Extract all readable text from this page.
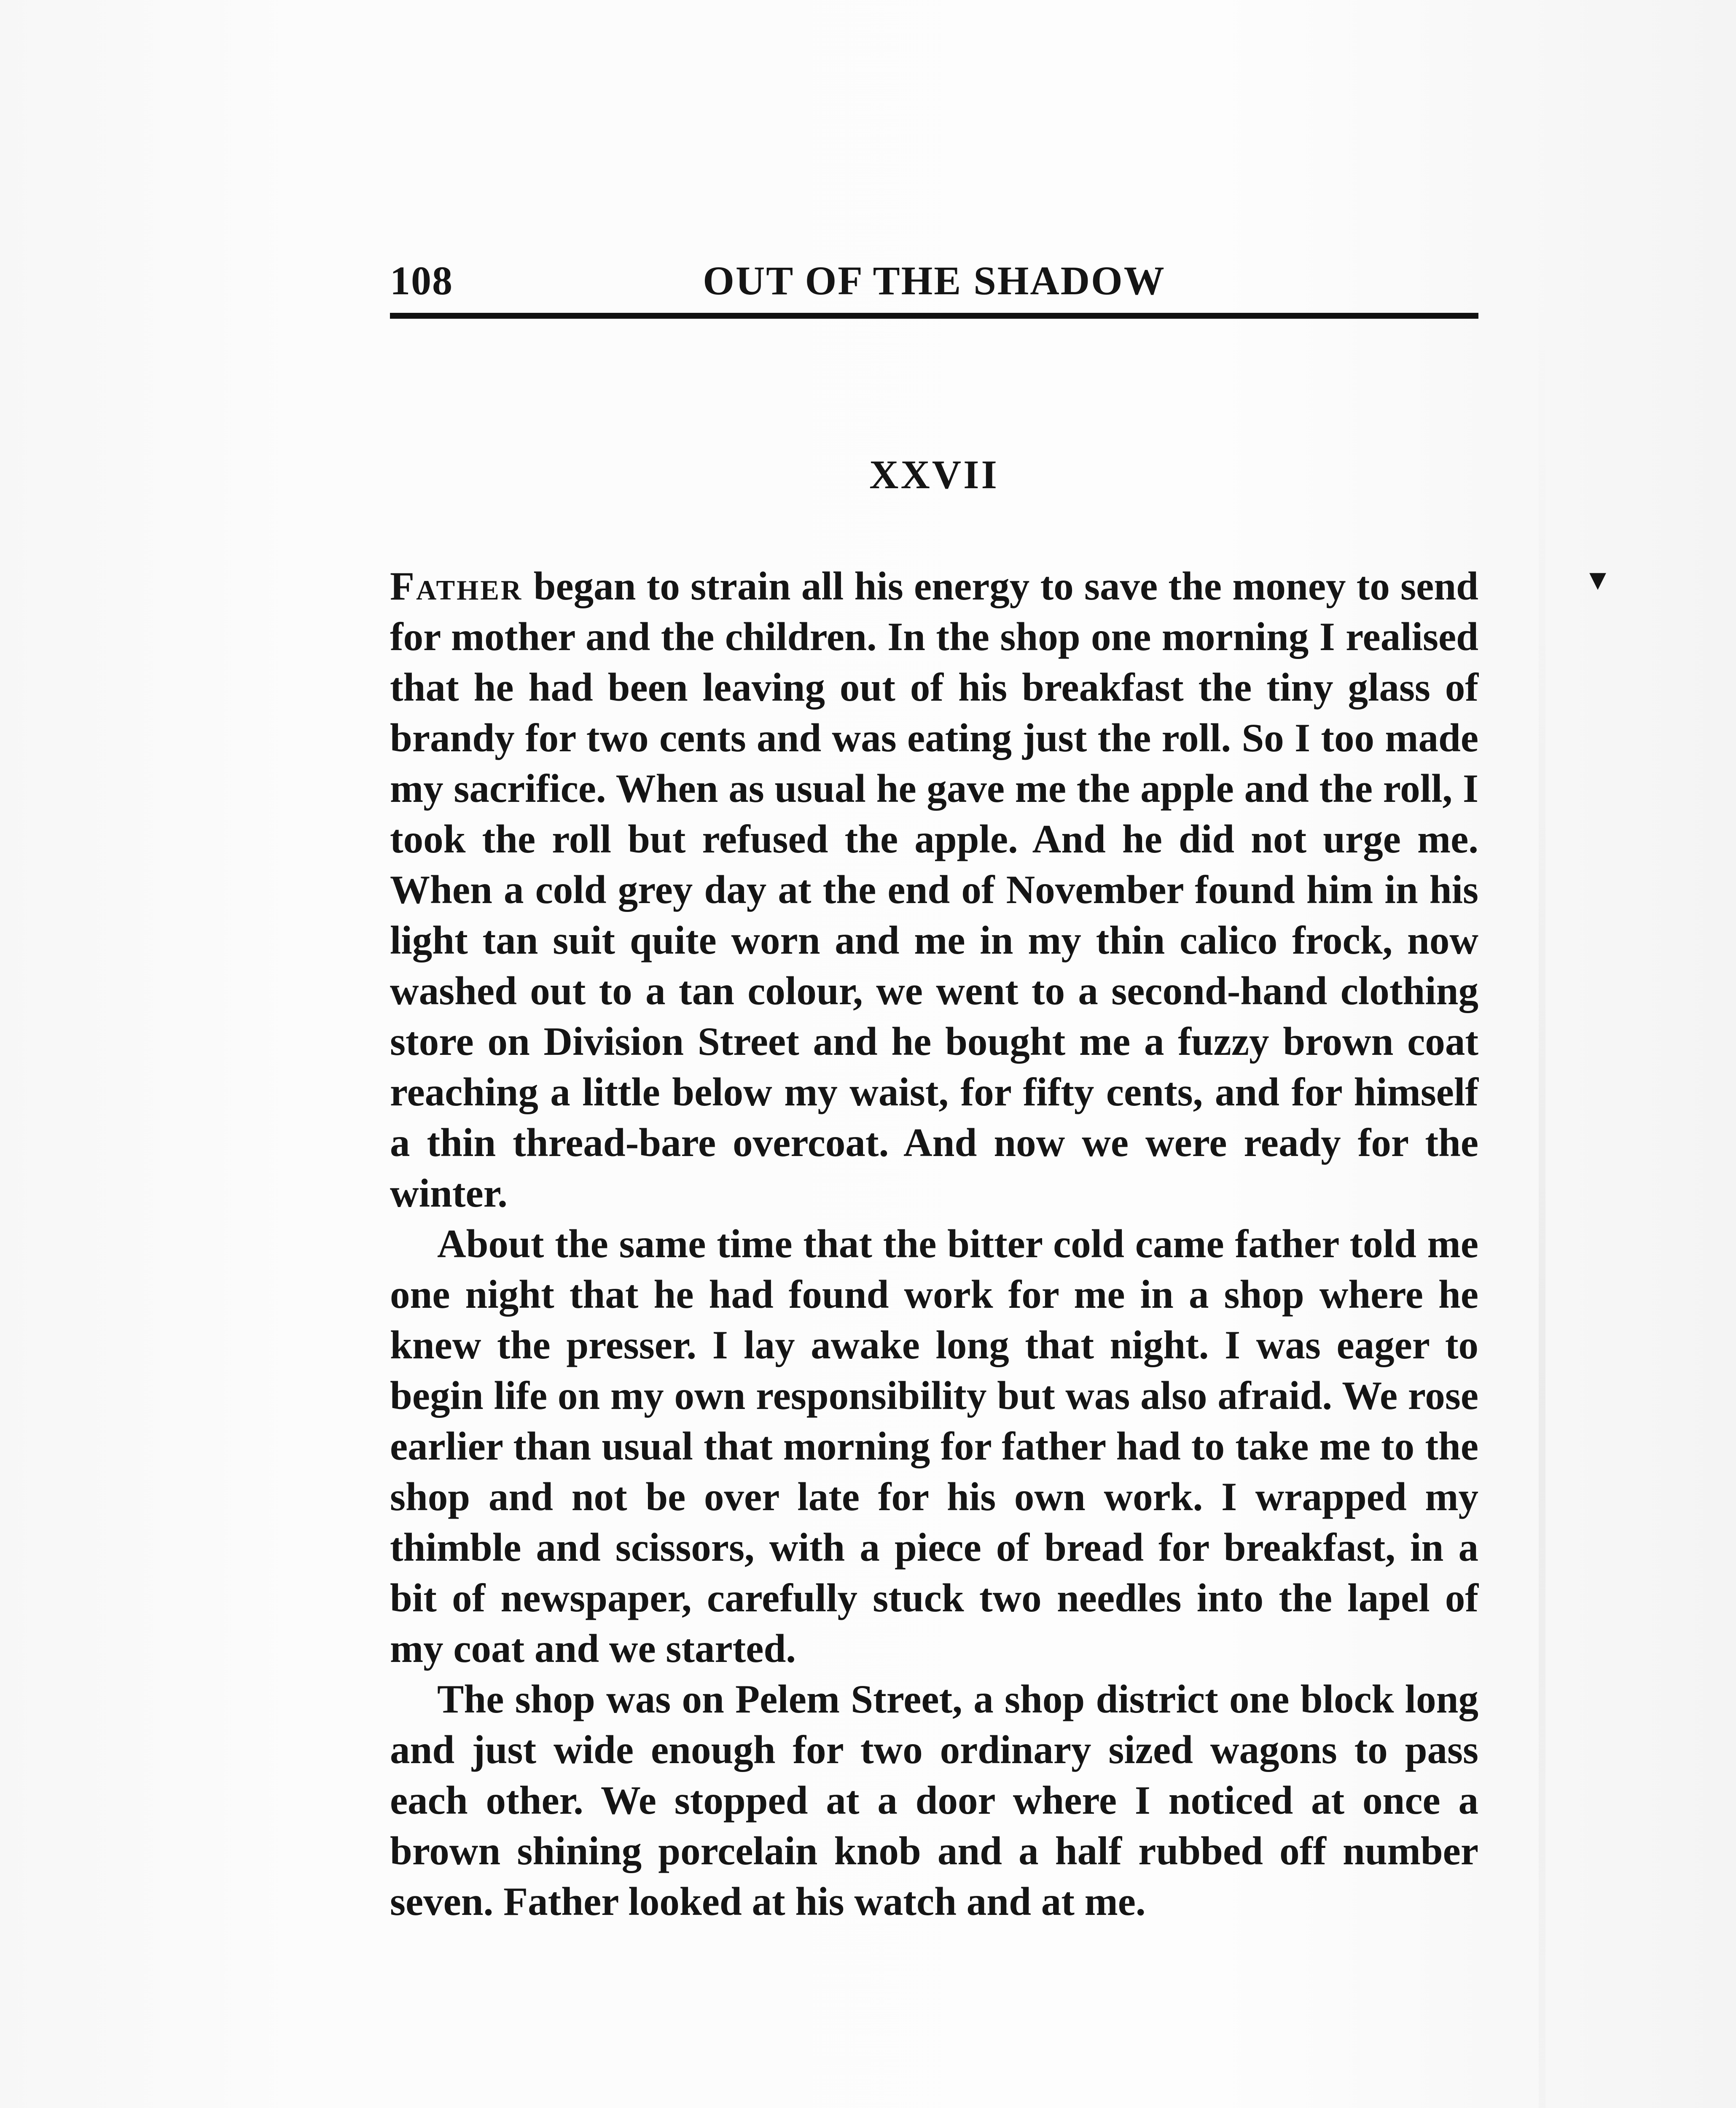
108	OUT OF THE SHADOW
XXVII
▾

Father began to strain all his energy to save the money to send for mother and the children. In the shop one morning I realised that he had been leaving out of his breakfast the tiny glass of brandy for two cents and was eating just the roll. So I too made my sacrifice. When as usual he gave me the apple and the roll, I took the roll but refused the apple. And he did not urge me. When a cold grey day at the end of November found him in his light tan suit quite worn and me in my thin calico frock, now washed out to a tan colour, we went to a second-hand clothing store on Division Street and he bought me a fuzzy brown coat reaching a little below my waist, for fifty cents, and for himself a thin thread-bare overcoat. And now we were ready for the winter.

About the same time that the bitter cold came father told me one night that he had found work for me in a shop where he knew the presser. I lay awake long that night. I was eager to begin life on my own responsibility but was also afraid. We rose earlier than usual that morning for father had to take me to the shop and not be over late for his own work. I wrapped my thimble and scissors, with a piece of bread for breakfast, in a bit of newspaper, carefully stuck two needles into the lapel of my coat and we started.

The shop was on Pelem Street, a shop district one block long and just wide enough for two ordinary sized wagons to pass each other. We stopped at a door where I noticed at once a brown shining porcelain knob and a half rubbed off number seven. Father looked at his watch and at me.
